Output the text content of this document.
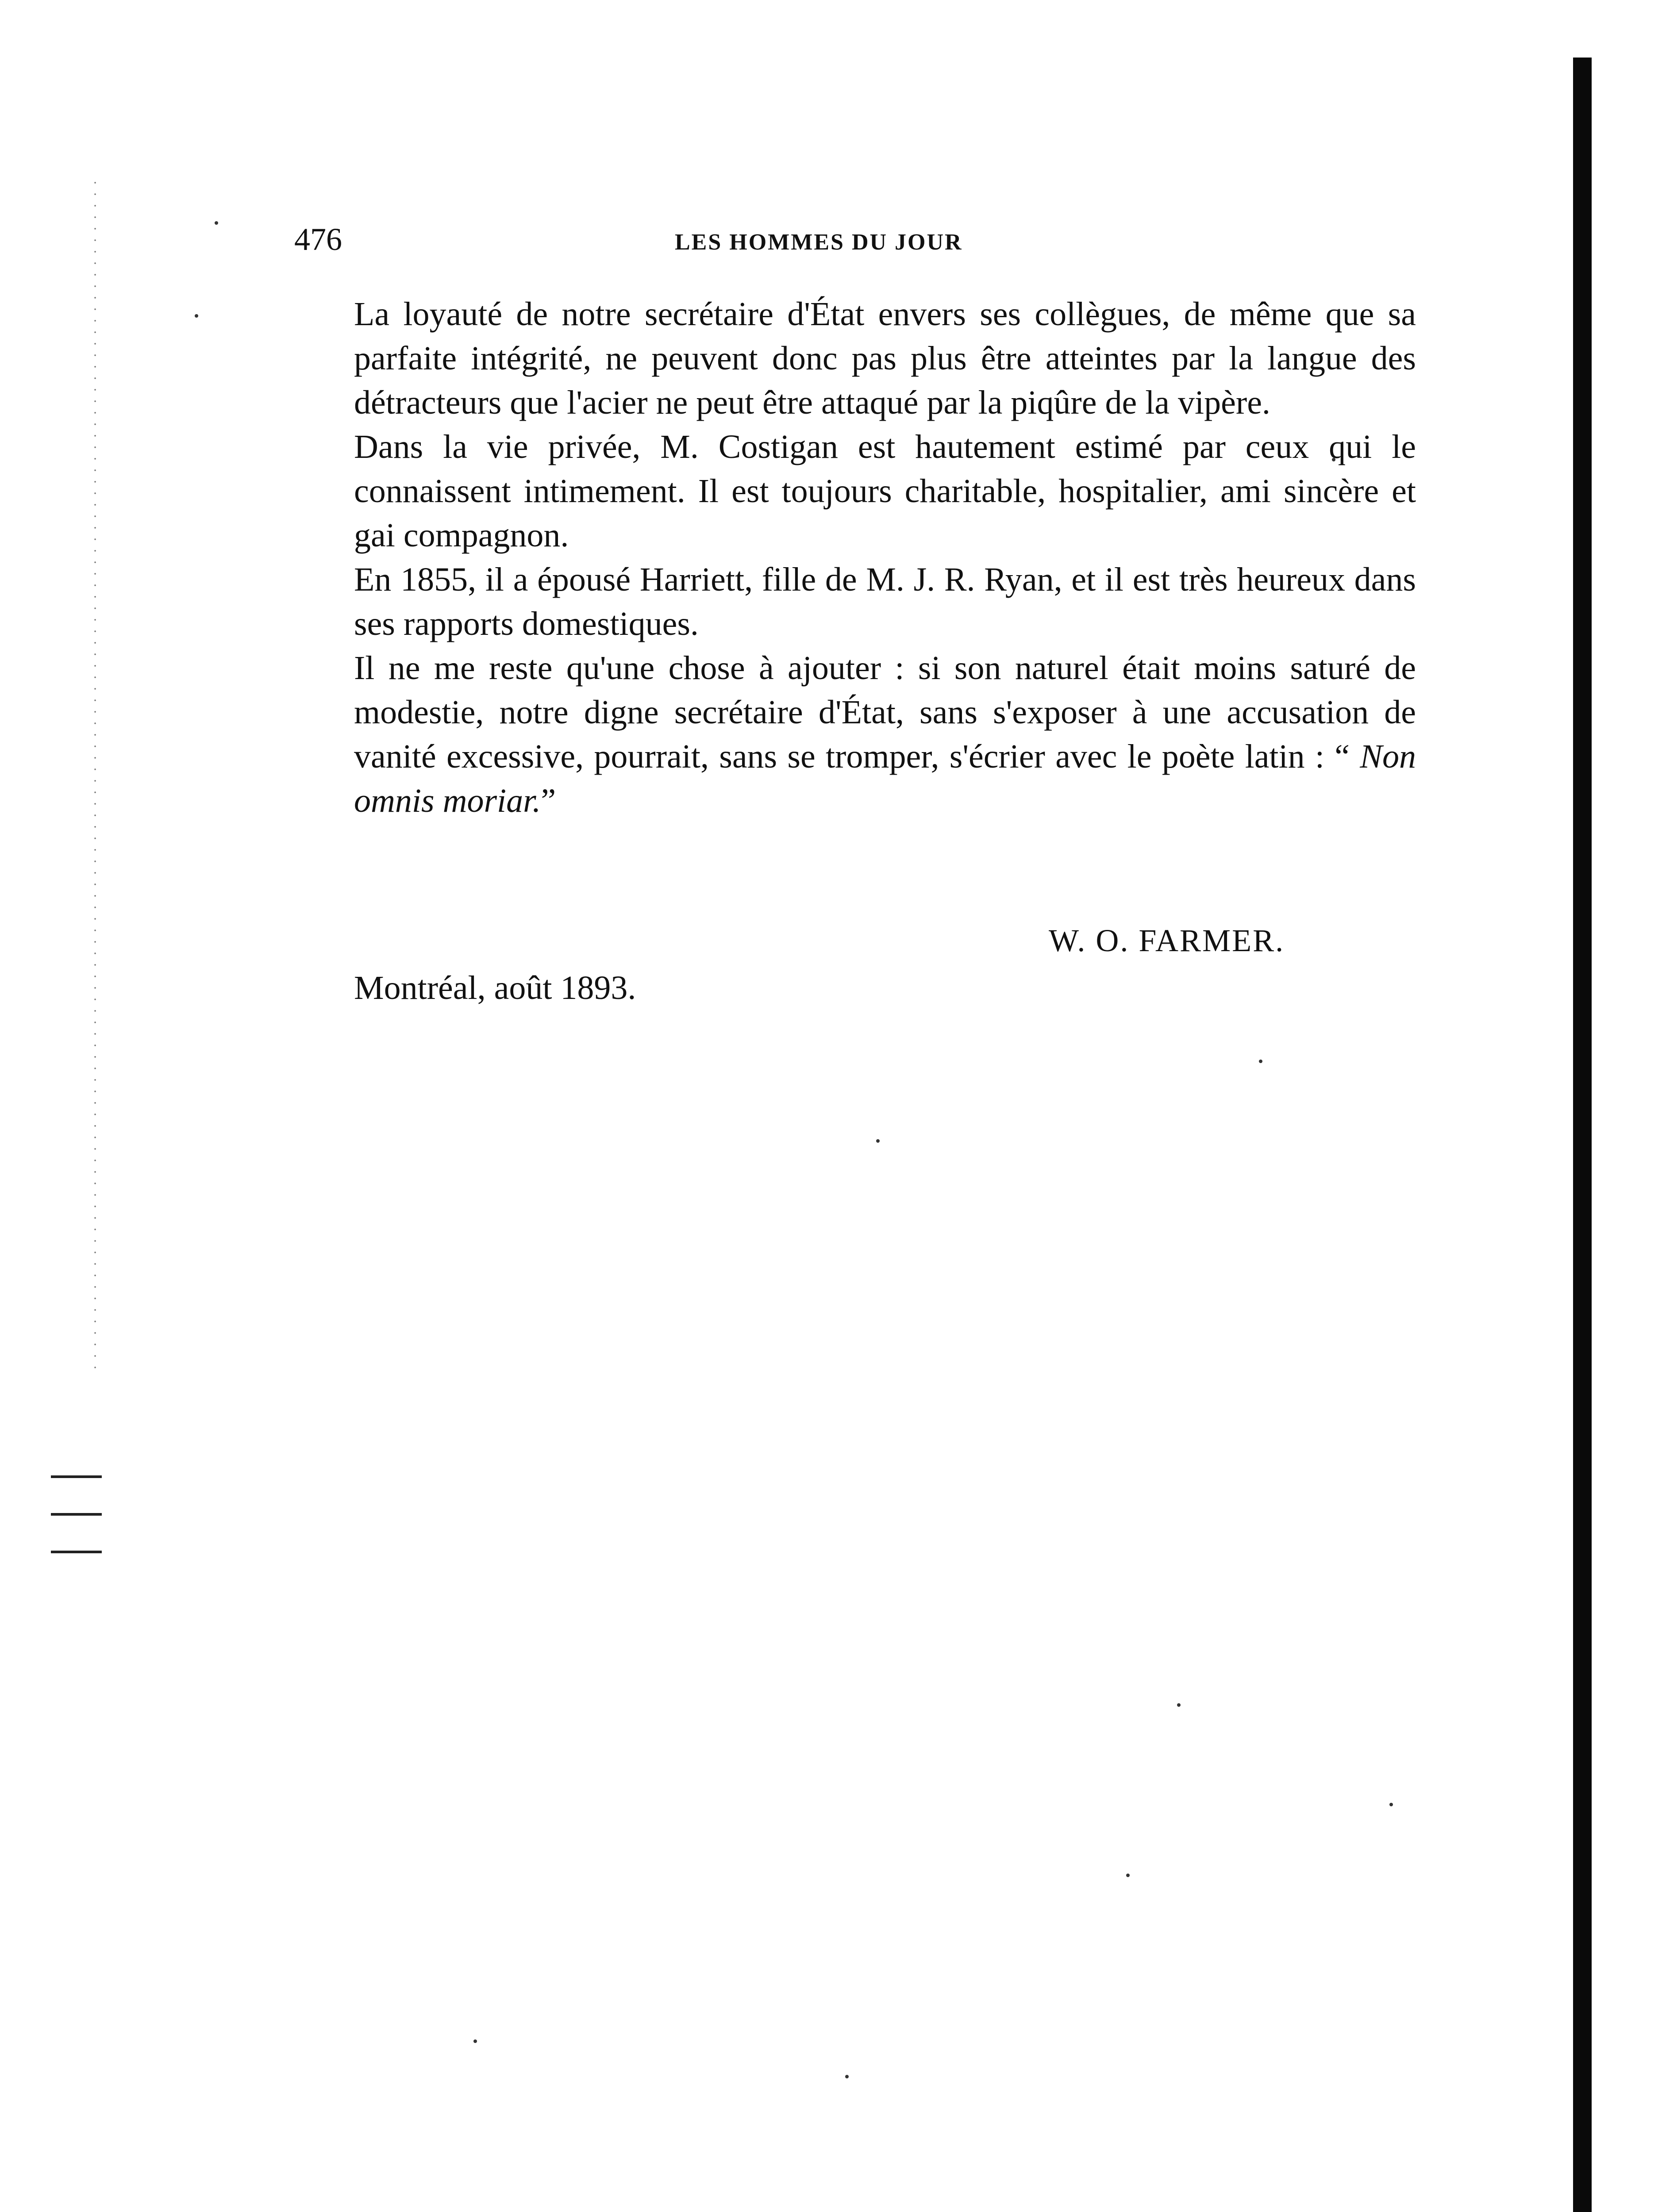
476	LES HOMMES DU JOUR

La loyauté de notre secrétaire d'État envers ses collègues, de même que sa parfaite intégrité, ne peuvent donc pas plus être atteintes par la langue des détracteurs que l'acier ne peut être attaqué par la piqûre de la vipère.

Dans la vie privée, M. Costigan est hautement estimé par ceux qui le connaissent intimement. Il est toujours charitable, hospitalier, ami sincère et gai compagnon.

En 1855, il a épousé Harriett, fille de M. J. R. Ryan, et il est très heureux dans ses rapports domestiques.

Il ne me reste qu'une chose à ajouter : si son naturel était moins saturé de modestie, notre digne secrétaire d'État, sans s'exposer à une accusation de vanité excessive, pourrait, sans se tromper, s'écrier avec le poète latin : “ Non omnis moriar.”

W. O. FARMER.
Montréal, août 1893.
